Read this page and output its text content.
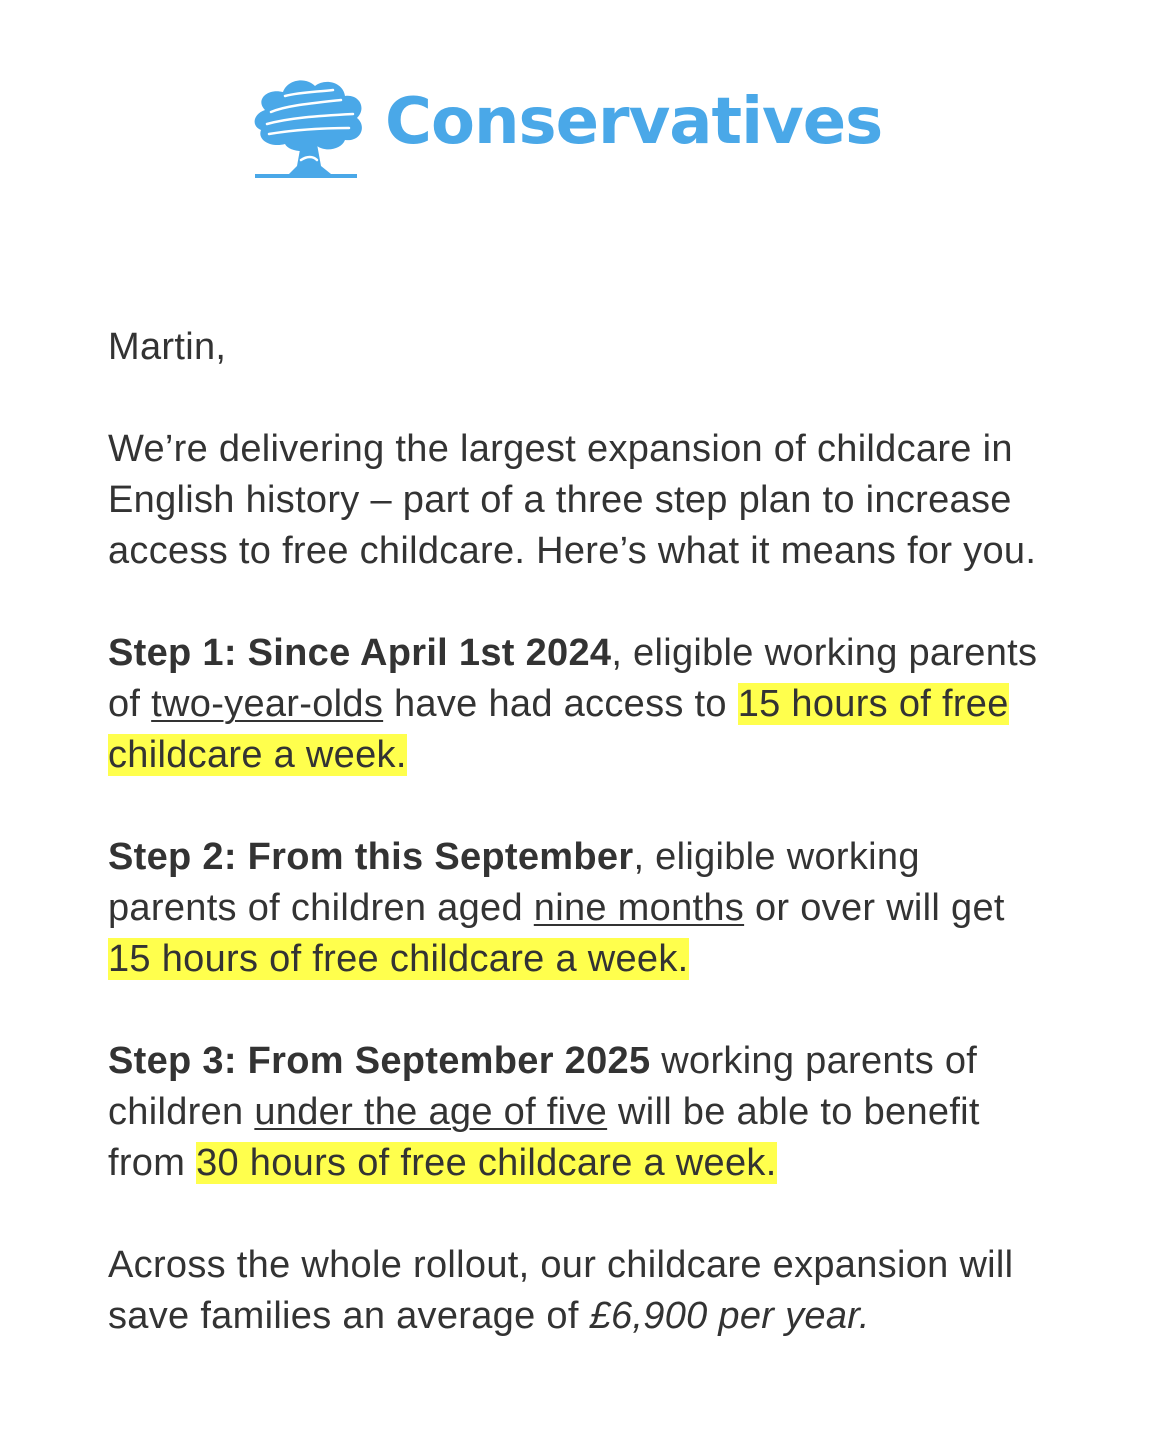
Conservatives

Martin,

We’re delivering the largest expansion of childcare in English history – part of a three step plan to increase access to free childcare. Here’s what it means for you.

Step 1: Since April 1st 2024, eligible working parents of two-year-olds have had access to 15 hours of free childcare a week.

Step 2: From this September, eligible working parents of children aged nine months or over will get 15 hours of free childcare a week.

Step 3: From September 2025 working parents of children under the age of five will be able to benefit from 30 hours of free childcare a week.

Across the whole rollout, our childcare expansion will save families an average of £6,900 per year.
